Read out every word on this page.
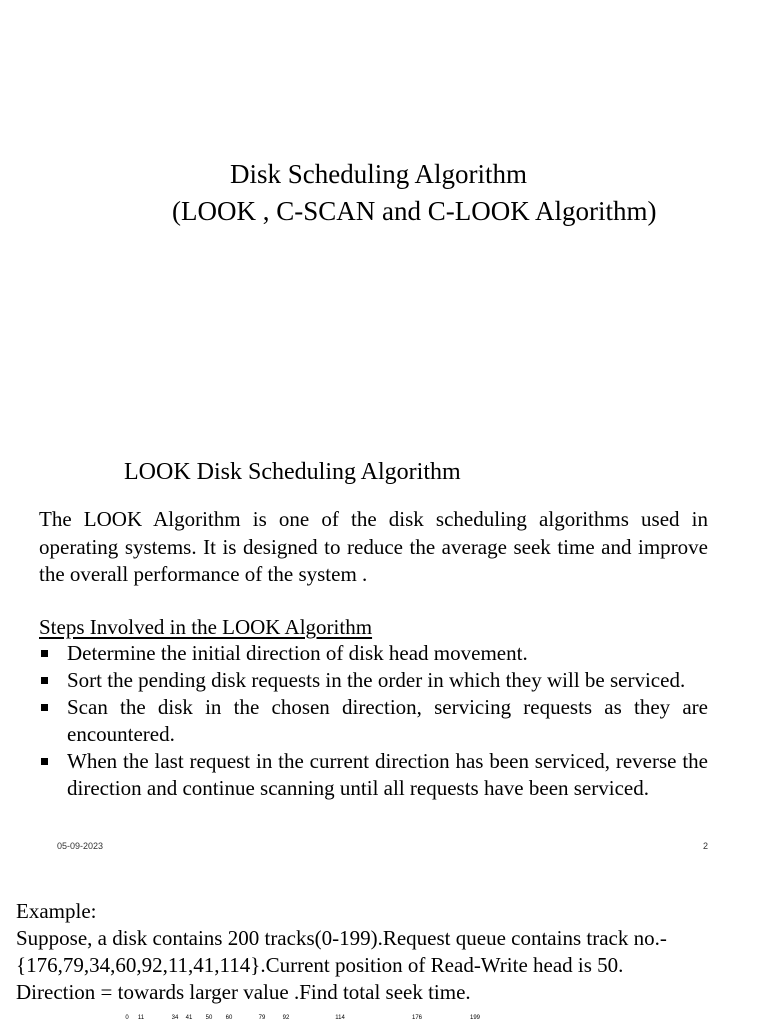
Disk Scheduling Algorithm
(LOOK , C-SCAN and C-LOOK Algorithm)
LOOK Disk Scheduling Algorithm
The LOOK Algorithm is one of the disk scheduling algorithms used in operating systems. It is designed to reduce the average seek time and improve the overall performance of the system .
Steps Involved in the LOOK Algorithm
Determine the initial direction of disk head movement.
Sort the pending disk requests in the order in which they will be serviced.
Scan the disk in the chosen direction, servicing requests as they are encountered.
When the last request in the current direction has been serviced, reverse the direction and continue scanning until all requests have been serviced.
05-09-2023	2
Example:
Suppose, a disk contains 200 tracks(0-199).Request queue contains track no.-
{176,79,34,60,92,11,41,114}.Current position of Read-Write head is 50.
Direction = towards larger value .Find total seek time.
0 11	34 41 50 60	79	92	114	176	199
